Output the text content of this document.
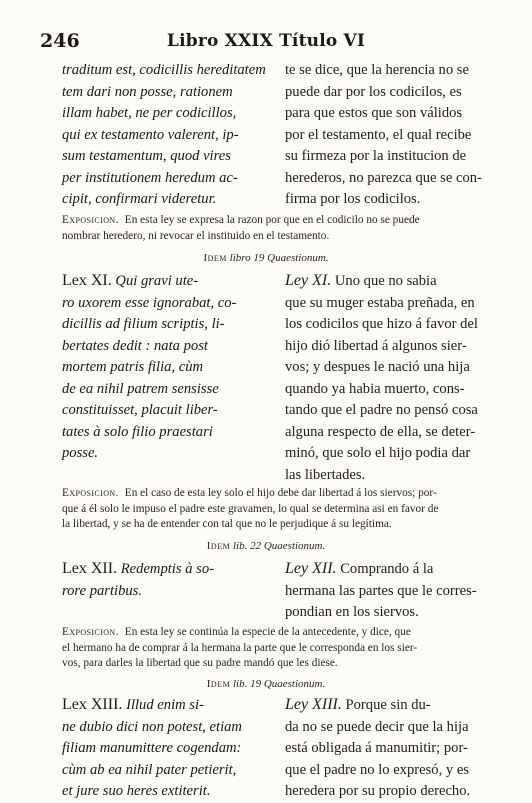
246	Libro XXIX Título VI
traditum est, codicillis hereditatem
tem dari non posse, rationem
illam habet, ne per codicillos,
qui ex testamento valerent, ip-
sum testamentum, quod vires
per institutionem heredum ac-
cipit, confirmari videretur.
te se dice, que la herencia no se
puede dar por los codicilos, es
para que estos que son válidos
por el testamento, el qual recibe
su firmeza por la institucion de
herederos, no parezca que se con-
firma por los codicilos.
Exposicion. En esta ley se expresa la razon por que en el codicilo no se puede
nombrar heredero, ni revocar el instituido en el testamento.
Idem libro 19 Quaestionum.
Lex XI. Qui gravi ute-
ro uxorem esse ignorabat, co-
dicillis ad filium scriptis, li-
bertates dedit : nata post
mortem patris filia, cùm
de ea nihil patrem sensisse
constituisset, placuit liber-
tates à solo filio praestari
posse.
Ley XI. Uno que no sabia
que su muger estaba preñada, en
los codicilos que hizo á favor del
hijo dió libertad á algunos sier-
vos; y despues le nació una hija
quando ya habia muerto, cons-
tando que el padre no pensó cosa
alguna respecto de ella, se deter-
minó, que solo el hijo podia dar
las libertades.
Exposicion. En el caso de esta ley solo el hijo debe dar libertad á los siervos; por-
que á él solo le impuso el padre este gravamen, lo qual se determina asi en favor de
la libertad, y se ha de entender con tal que no le perjudique á su legítima.
Idem lib. 22 Quaestionum.
Lex XII. Redemptis à so-
rore partibus.
Ley XII. Comprando á la
hermana las partes que le corres-
pondian en los siervos.
Exposicion. En esta ley se continúa la especie de la antecedente, y dice, que
el hermano ha de comprar á la hermana la parte que le corresponda en los sier-
vos, para darles la libertad que su padre mandó que les diese.
Idem lib. 19 Quaestionum.
Lex XIII. Illud enim si-
ne dubio dici non potest, etiam
filiam manumittere cogendam:
cùm ab ea nihil pater petierit,
et jure suo heres extiterit.
Ley XIII. Porque sin du-
da no se puede decir que la hija
está obligada á manumitir; por-
que el padre no lo expresó, y es
heredera por su propio derecho.
